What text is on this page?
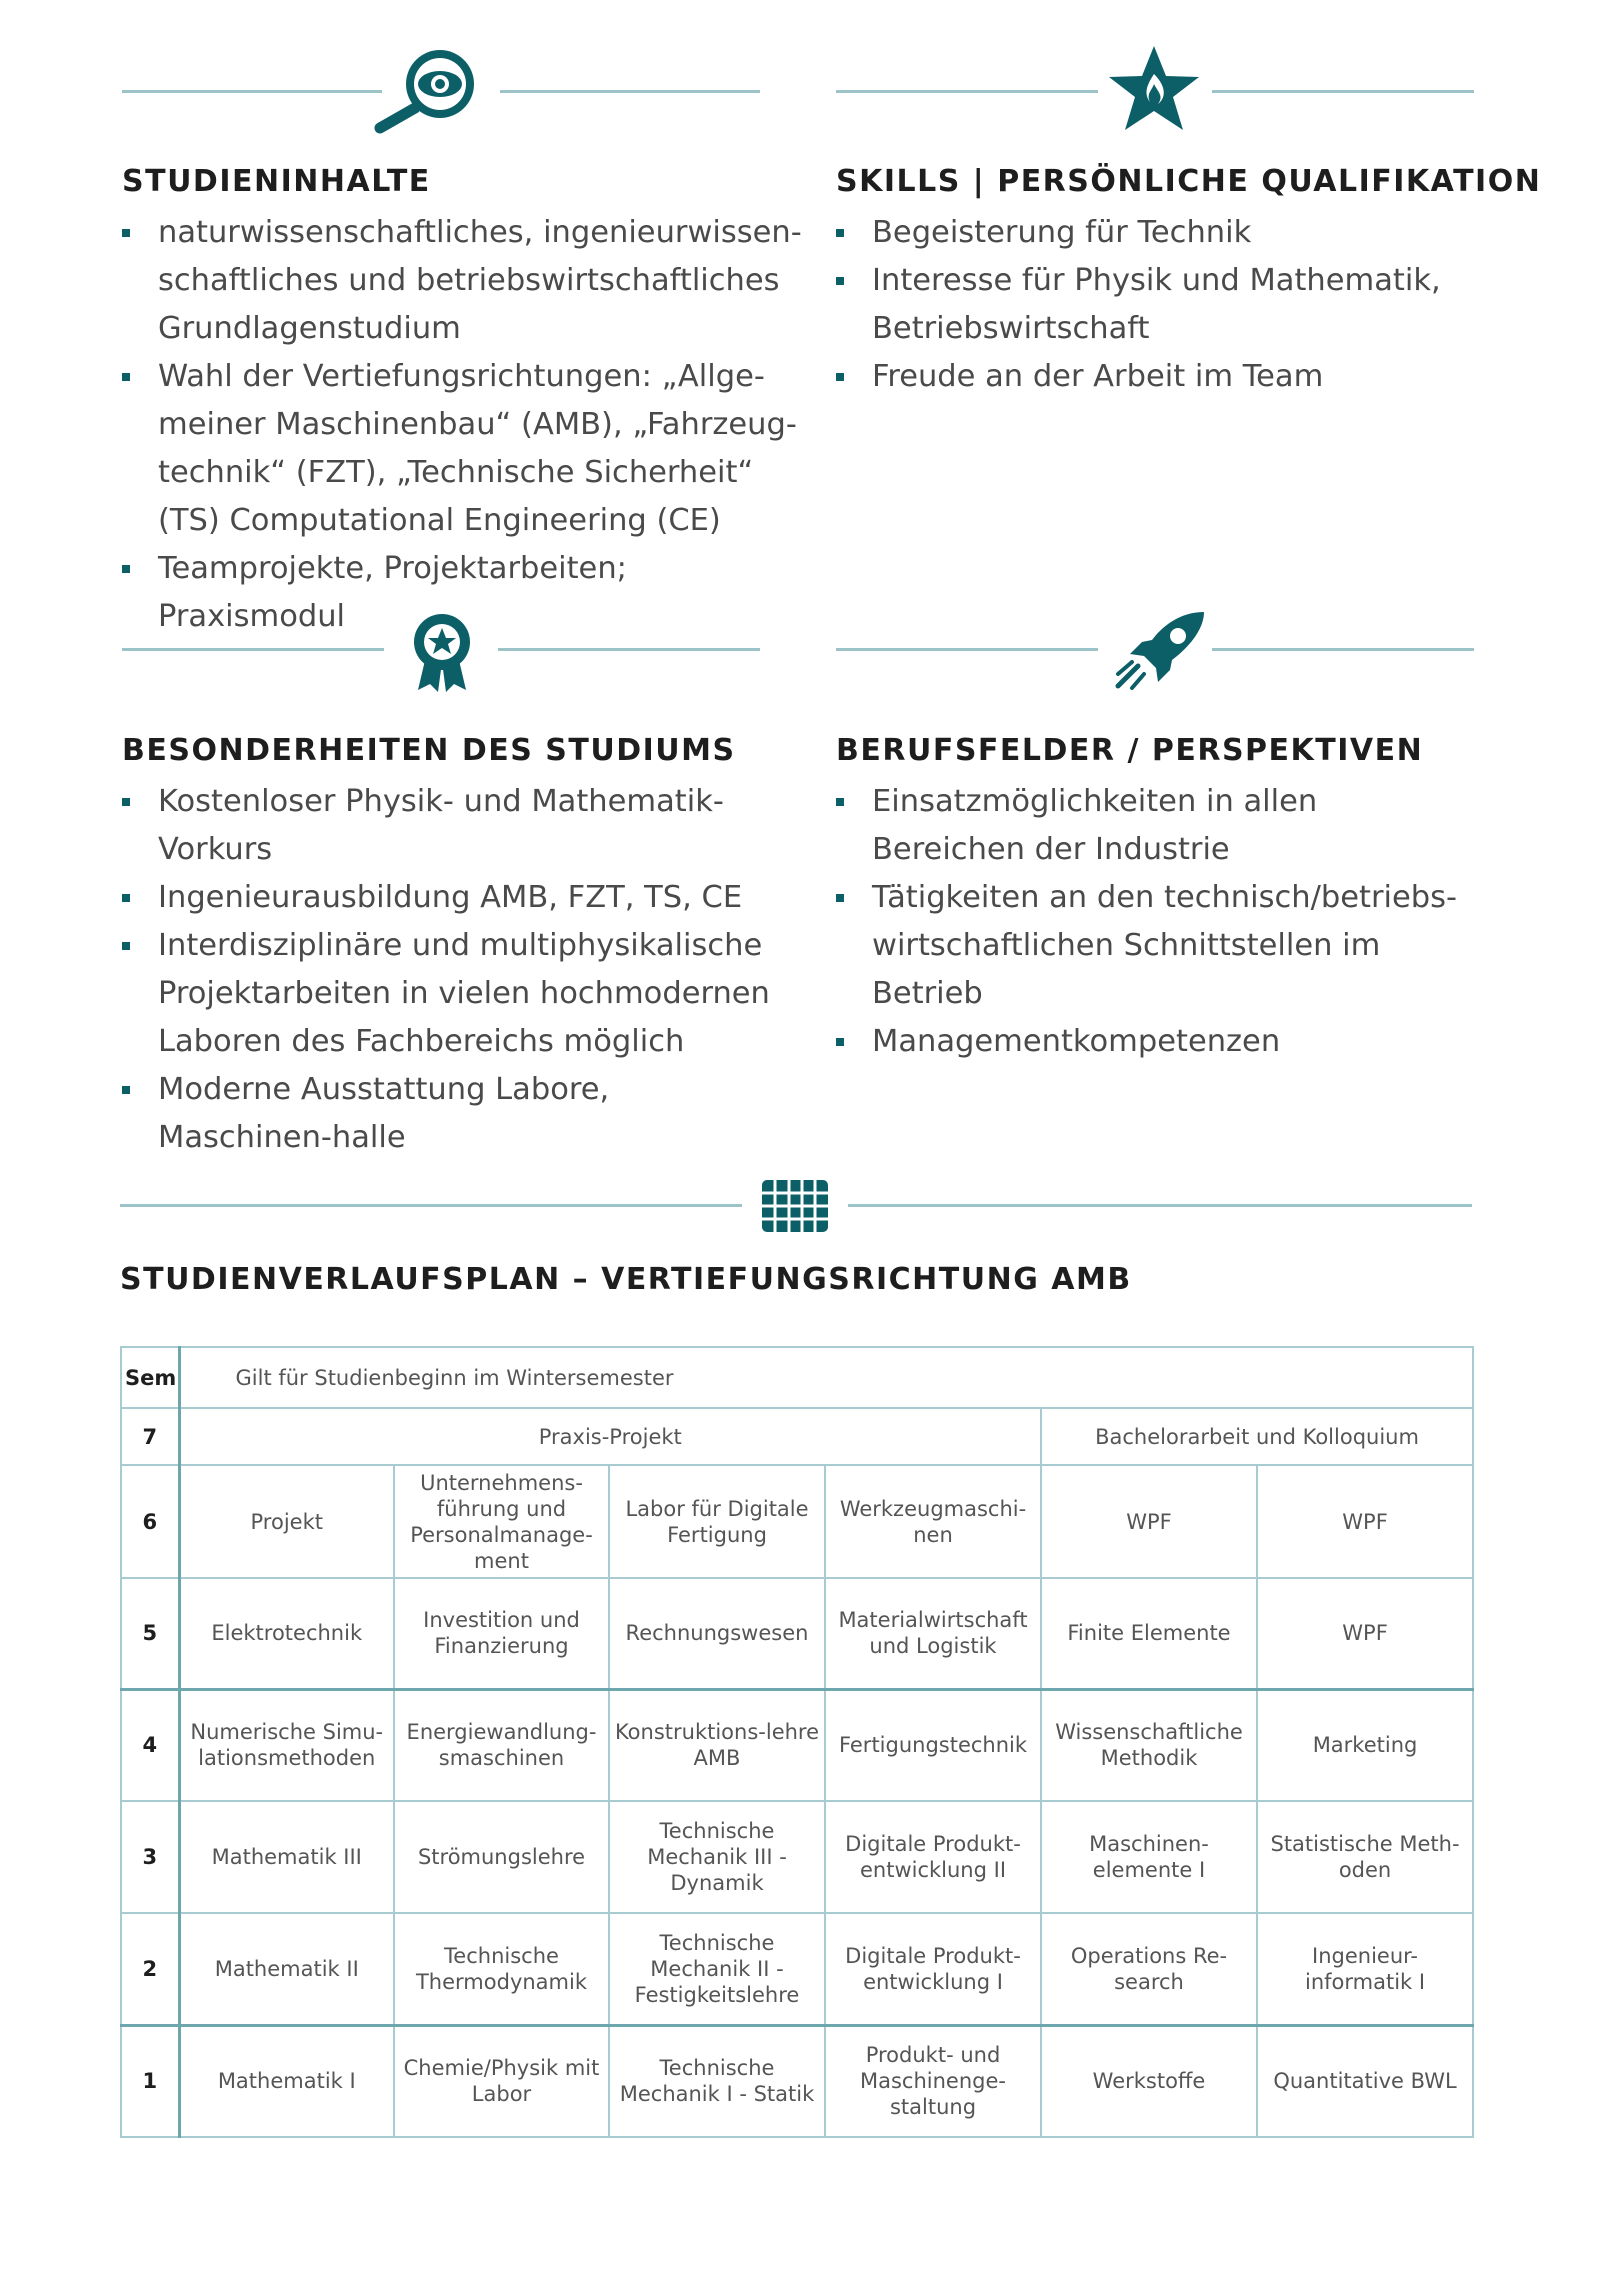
STUDIENINHALTE
naturwissenschaftliches, ingenieurwissen-schaftliches und betriebswirtschaftliches Grundlagenstudium
Wahl der Vertiefungsrichtungen: „Allge-meiner Maschinenbau“ (AMB), „Fahrzeug-technik“ (FZT), „Technische Sicherheit“ (TS) Computational Engineering (CE)
Teamprojekte, Projektarbeiten; Praxismodul
SKILLS | PERSÖNLICHE QUALIFIKATION
Begeisterung für Technik
Interesse für Physik und Mathematik, Betriebswirtschaft
Freude an der Arbeit im Team
BESONDERHEITEN DES STUDIUMS
Kostenloser Physik- und Mathematik-Vorkurs
Ingenieurausbildung AMB, FZT, TS, CE
Interdisziplinäre und multiphysikalische Projektarbeiten in vielen hochmodernen Laboren des Fachbereichs möglich
Moderne Ausstattung Labore, Maschinen-halle
BERUFSFELDER / PERSPEKTIVEN
Einsatzmöglichkeiten in allen Bereichen der Industrie
Tätigkeiten an den technisch/betriebs-wirtschaftlichen Schnittstellen im Betrieb
Managementkompetenzen
STUDIENVERLAUFSPLAN – VERTIEFUNGSRICHTUNG AMB
Sem	Gilt für Studienbeginn im Wintersemester					
7	Praxis-Projekt				Bachelorarbeit und Kolloquium	
6	Projekt	Unternehmens-führung und Personalmanage-ment	Labor für Digitale Fertigung	Werkzeugmaschi-nen	WPF	WPF
5	Elektrotechnik	Investition und Finanzierung	Rechnungswesen	Materialwirtschaft und Logistik	Finite Elemente	WPF
4	Numerische Simu-lationsmethoden	Energiewandlung-smaschinen	Konstruktions-lehre AMB	Fertigungstechnik	Wissenschaftliche Methodik	Marketing
3	Mathematik III	Strömungslehre	Technische Mechanik III - Dynamik	Digitale Produkt-entwicklung II	Maschinen-elemente I	Statistische Meth-oden
2	Mathematik II	Technische Thermodynamik	Technische Mechanik II - Festigkeitslehre	Digitale Produkt-entwicklung I	Operations Re-search	Ingenieur-informatik I
1	Mathematik I	Chemie/Physik mit Labor	Technische Mechanik I - Statik	Produkt- und Maschinenge-staltung	Werkstoffe	Quantitative BWL
